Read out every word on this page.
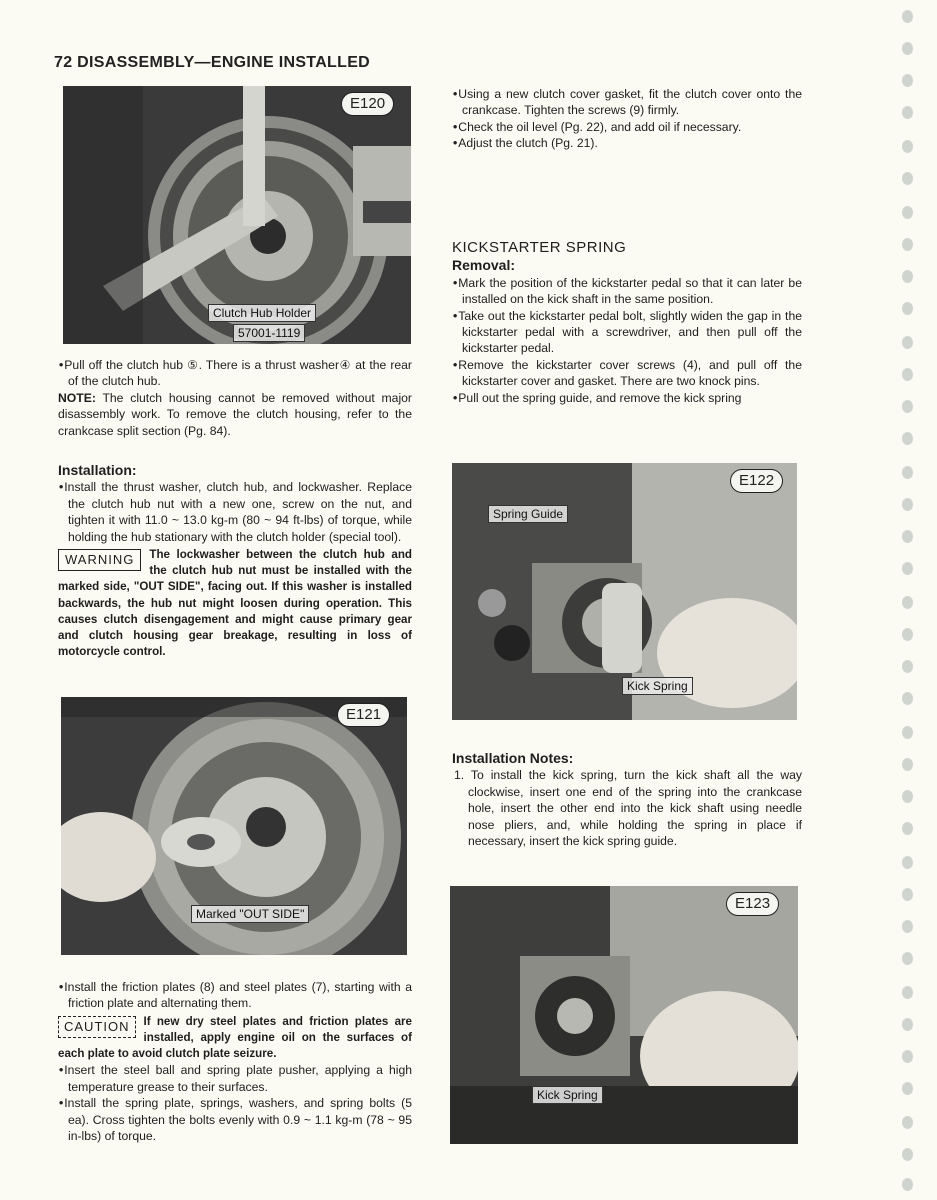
72 DISASSEMBLY—ENGINE INSTALLED
E120
Clutch Hub Holder
57001-1119

• Pull off the clutch hub ⑤. There is a thrust washer④ at the rear of the clutch hub.

NOTE: The clutch housing cannot be removed without major disassembly work. To remove the clutch housing, refer to the crankcase split section (Pg. 84).

Installation:

• Install the thrust washer, clutch hub, and lockwasher. Replace the clutch hub nut with a new one, screw on the nut, and tighten it with 11.0 ~ 13.0 kg-m (80 ~ 94 ft-lbs) of torque, while holding the hub stationary with the clutch holder (special tool).

WARNING	The lockwasher between the clutch hub and the clutch hub nut must be installed with the marked side, "OUT SIDE", facing out. If this washer is installed backwards, the hub nut might loosen during operation. This causes clutch disengagement and might cause primary gear and clutch housing gear breakage, resulting in loss of motorcycle control.
E121
Marked "OUT SIDE"

• Install the friction plates (8) and steel plates (7), starting with a friction plate and alternating them.

CAUTION	If new dry steel plates and friction plates are installed, apply engine oil on the surfaces of each plate to avoid clutch plate seizure.

• Insert the steel ball and spring plate pusher, applying a high temperature grease to their surfaces.

• Install the spring plate, springs, washers, and spring bolts (5 ea). Cross tighten the bolts evenly with 0.9 ~ 1.1 kg-m (78 ~ 95 in-lbs) of torque.

• Using a new clutch cover gasket, fit the clutch cover onto the crankcase. Tighten the screws (9) firmly.

• Check the oil level (Pg. 22), and add oil if necessary.

• Adjust the clutch (Pg. 21).

KICKSTARTER SPRING
Removal:

• Mark the position of the kickstarter pedal so that it can later be installed on the kick shaft in the same position.

• Take out the kickstarter pedal bolt, slightly widen the gap in the kickstarter pedal with a screwdriver, and then pull off the kickstarter pedal.

• Remove the kickstarter cover screws (4), and pull off the kickstarter cover and gasket. There are two knock pins.

• Pull out the spring guide, and remove the kick spring

E122
Spring Guide
Kick Spring
Installation Notes:

1. To install the kick spring, turn the kick shaft all the way clockwise, insert one end of the spring into the crankcase hole, insert the other end into the kick shaft using needle nose pliers, and, while holding the spring in place if necessary, insert the kick spring guide.

E123
Kick Spring
